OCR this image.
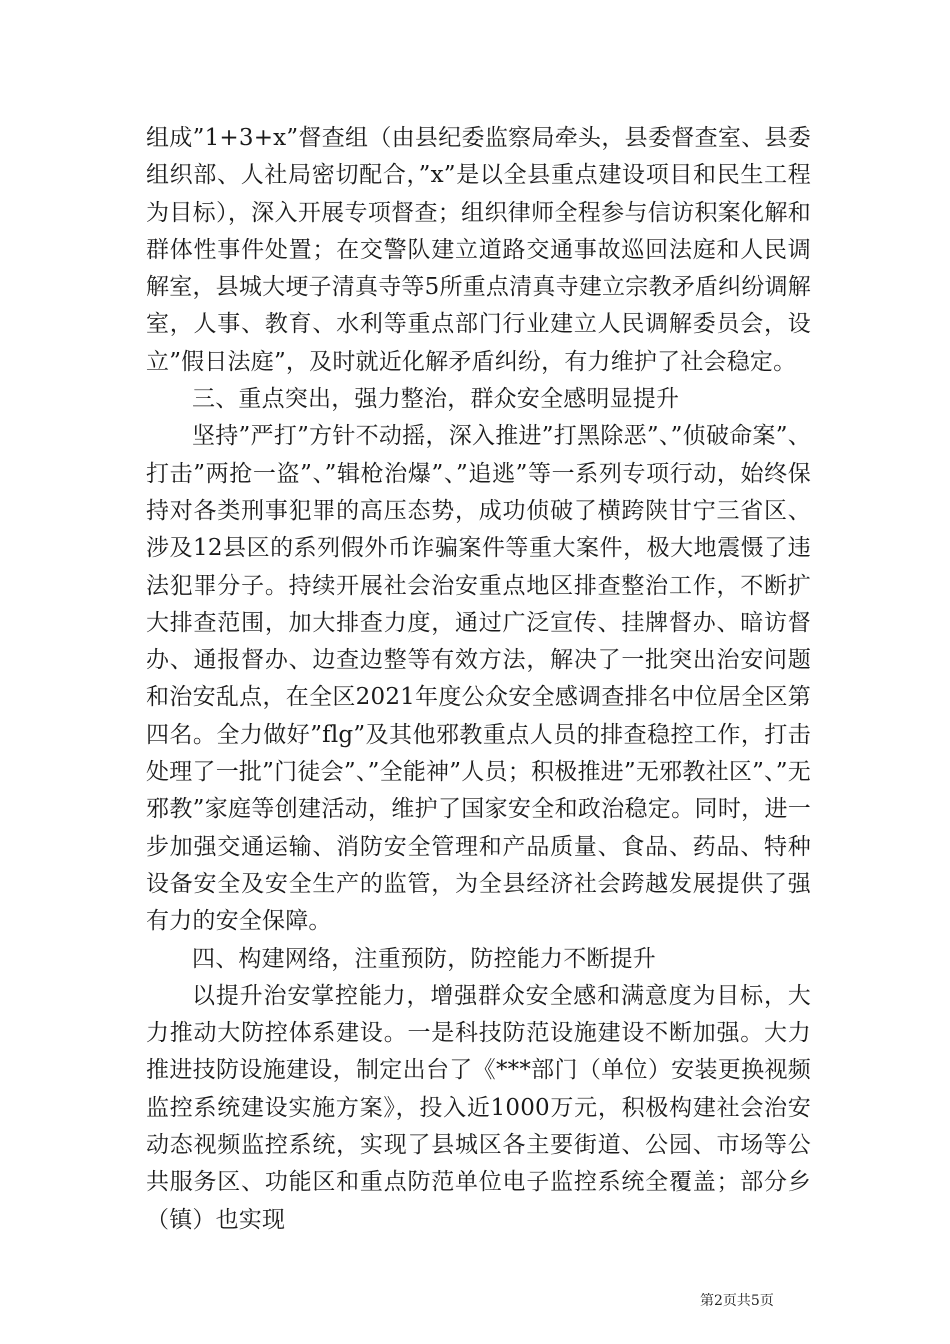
组成”1+3+x”督查组（由县纪委监察局牵头，县委督查室、县委组织部、人社局密切配合，”x”是以全县重点建设项目和民生工程为目标），深入开展专项督查；组织律师全程参与信访积案化解和群体性事件处置；在交警队建立道路交通事故巡回法庭和人民调解室，县城大埂子清真寺等5所重点清真寺建立宗教矛盾纠纷调解室，人事、教育、水利等重点部门行业建立人民调解委员会，设立”假日法庭”，及时就近化解矛盾纠纷，有力维护了社会稳定。

三、重点突出，强力整治，群众安全感明显提升

坚持”严打”方针不动摇，深入推进”打黑除恶”、”侦破命案”、打击”两抢一盗”、”辑枪治爆”、”追逃”等一系列专项行动，始终保持对各类刑事犯罪的高压态势，成功侦破了横跨陕甘宁三省区、涉及12县区的系列假外币诈骗案件等重大案件，极大地震慑了违法犯罪分子。持续开展社会治安重点地区排查整治工作，不断扩大排查范围，加大排查力度，通过广泛宣传、挂牌督办、暗访督办、通报督办、边查边整等有效方法，解决了一批突出治安问题和治安乱点，在全区2021年度公众安全感调查排名中位居全区第四名。全力做好”flg”及其他邪教重点人员的排查稳控工作，打击处理了一批”门徒会”、”全能神”人员；积极推进”无邪教社区”、”无邪教”家庭等创建活动，维护了国家安全和政治稳定。同时，进一步加强交通运输、消防安全管理和产品质量、食品、药品、特种设备安全及安全生产的监管，为全县经济社会跨越发展提供了强有力的安全保障。

四、构建网络，注重预防，防控能力不断提升

以提升治安掌控能力，增强群众安全感和满意度为目标，大力推动大防控体系建设。一是科技防范设施建设不断加强。大力推进技防设施建设，制定出台了《***部门（单位）安装更换视频监控系统建设实施方案》，投入近1000万元，积极构建社会治安动态视频监控系统，实现了县城区各主要街道、公园、市场等公共服务区、功能区和重点防范单位电子监控系统全覆盖；部分乡（镇）也实现

第2页共5页
